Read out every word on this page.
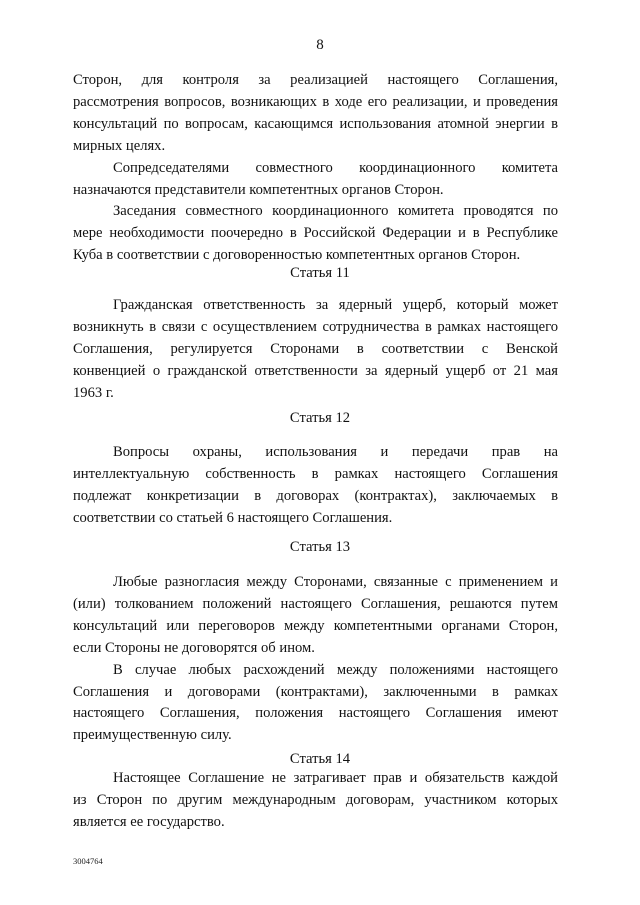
8

Сторон, для контроля за реализацией настоящего Соглашения,

рассмотрения вопросов, возникающих в ходе его реализации, и проведения

консультаций по вопросам, касающимся использования атомной энергии в

мирных целях.

Сопредседателями совместного координационного комитета

назначаются представители компетентных органов Сторон.

Заседания совместного координационного комитета проводятся по

мере необходимости поочередно в Российской Федерации и в Республике

Куба в соответствии с договоренностью компетентных органов Сторон.

Статья 11

Гражданская ответственность за ядерный ущерб, который может

возникнуть в связи с осуществлением сотрудничества в рамках настоящего

Соглашения, регулируется Сторонами в соответствии с Венской

конвенцией о гражданской ответственности за ядерный ущерб от 21 мая

1963 г.

Статья 12

Вопросы охраны, использования и передачи прав на

интеллектуальную собственность в рамках настоящего Соглашения

подлежат конкретизации в договорах (контрактах), заключаемых в

соответствии со статьей 6 настоящего Соглашения.

Статья 13

Любые разногласия между Сторонами, связанные с применением и

(или) толкованием положений настоящего Соглашения, решаются путем

консультаций или переговоров между компетентными органами Сторон,

если Стороны не договорятся об ином.

В случае любых расхождений между положениями настоящего

Соглашения и договорами (контрактами), заключенными в рамках

настоящего Соглашения, положения настоящего Соглашения имеют

преимущественную силу.

Статья 14

Настоящее Соглашение не затрагивает прав и обязательств каждой

из Сторон по другим международным договорам, участником которых

является ее государство.

3004764
